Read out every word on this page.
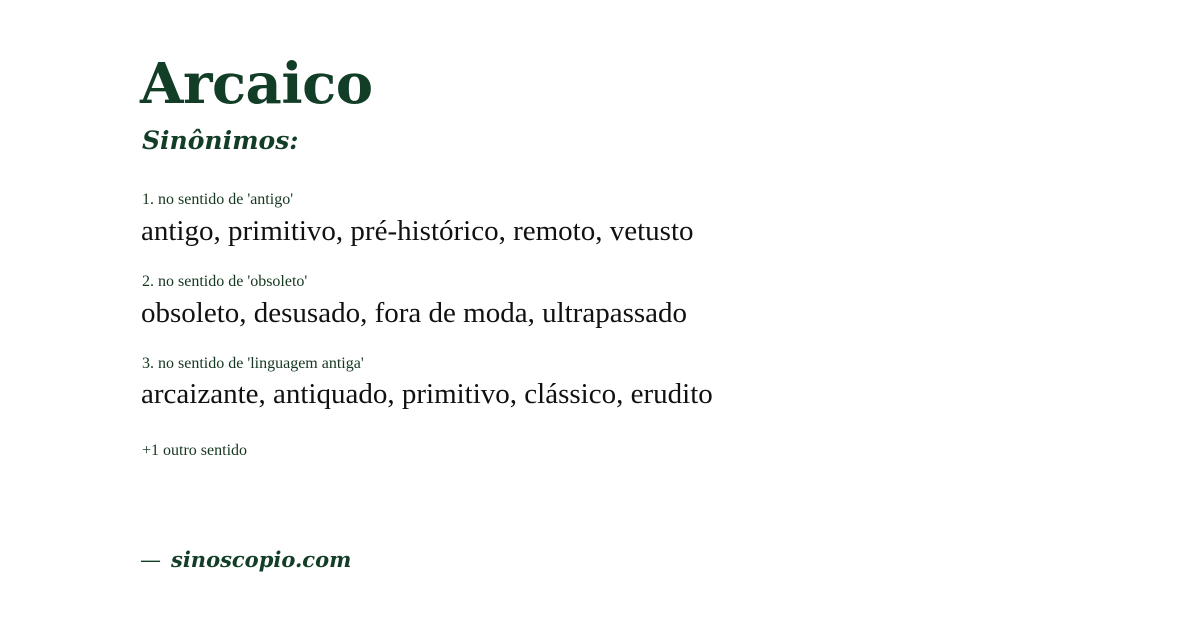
Arcaico
Sinônimos:
1. no sentido de 'antigo'
antigo, primitivo, pré-histórico, remoto, vetusto
2. no sentido de 'obsoleto'
obsoleto, desusado, fora de moda, ultrapassado
3. no sentido de 'linguagem antiga'
arcaizante, antiquado, primitivo, clássico, erudito
+1 outro sentido
— sinoscopio.com
